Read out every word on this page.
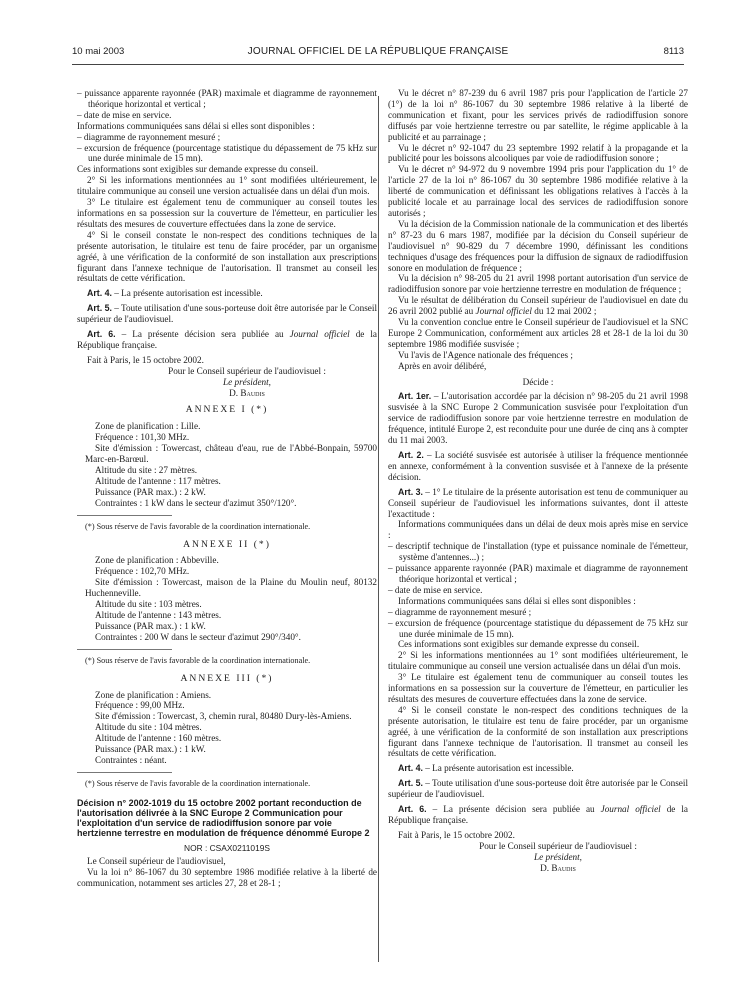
10 mai 2003	JOURNAL OFFICIEL DE LA RÉPUBLIQUE FRANÇAISE	8113

– puissance apparente rayonnée (PAR) maximale et diagramme de rayonnement théorique horizontal et vertical ;

– date de mise en service.

Informations communiquées sans délai si elles sont disponibles :

– diagramme de rayonnement mesuré ;

– excursion de fréquence (pourcentage statistique du dépassement de 75 kHz sur une durée minimale de 15 mn).

Ces informations sont exigibles sur demande expresse du conseil.

2° Si les informations mentionnées au 1° sont modifiées ultérieurement, le titulaire communique au conseil une version actualisée dans un délai d'un mois.

3° Le titulaire est également tenu de communiquer au conseil toutes les informations en sa possession sur la couverture de l'émetteur, en particulier les résultats des mesures de couverture effectuées dans la zone de service.

4° Si le conseil constate le non-respect des conditions techniques de la présente autorisation, le titulaire est tenu de faire procéder, par un organisme agréé, à une vérification de la conformité de son installation aux prescriptions figurant dans l'annexe technique de l'autorisation. Il transmet au conseil les résultats de cette vérification.

Art. 4. – La présente autorisation est incessible.

Art. 5. – Toute utilisation d'une sous-porteuse doit être autorisée par le Conseil supérieur de l'audiovisuel.

Art. 6. – La présente décision sera publiée au Journal officiel de la République française.

Fait à Paris, le 15 octobre 2002.

Pour le Conseil supérieur de l'audiovisuel :

Le président,

D. Baudis

ANNEXE I (*)

Zone de planification : Lille.

Fréquence : 101,30 MHz.

Site d'émission : Towercast, château d'eau, rue de l'Abbé-Bonpain, 59700 Marc-en-Barœul.

Altitude du site : 27 mètres.

Altitude de l'antenne : 117 mètres.

Puissance (PAR max.) : 2 kW.

Contraintes : 1 kW dans le secteur d'azimut 350°/120°.

(*) Sous réserve de l'avis favorable de la coordination internationale.

ANNEXE II (*)

Zone de planification : Abbeville.

Fréquence : 102,70 MHz.

Site d'émission : Towercast, maison de la Plaine du Moulin neuf, 80132 Huchenneville.

Altitude du site : 103 mètres.

Altitude de l'antenne : 143 mètres.

Puissance (PAR max.) : 1 kW.

Contraintes : 200 W dans le secteur d'azimut 290°/340°.

(*) Sous réserve de l'avis favorable de la coordination internationale.

ANNEXE III (*)

Zone de planification : Amiens.

Fréquence : 99,00 MHz.

Site d'émission : Towercast, 3, chemin rural, 80480 Dury-lès-Amiens.

Altitude du site : 104 mètres.

Altitude de l'antenne : 160 mètres.

Puissance (PAR max.) : 1 kW.

Contraintes : néant.

(*) Sous réserve de l'avis favorable de la coordination internationale.

Décision n° 2002-1019 du 15 octobre 2002 portant reconduction de l'autorisation délivrée à la SNC Europe 2 Communication pour l'exploitation d'un service de radiodiffusion sonore par voie hertzienne terrestre en modulation de fréquence dénommé Europe 2

NOR : CSAX0211019S

Le Conseil supérieur de l'audiovisuel,

Vu la loi n° 86-1067 du 30 septembre 1986 modifiée relative à la liberté de communication, notamment ses articles 27, 28 et 28-1 ;

Vu le décret n° 87-239 du 6 avril 1987 pris pour l'application de l'article 27 (1°) de la loi n° 86-1067 du 30 septembre 1986 relative à la liberté de communication et fixant, pour les services privés de radiodiffusion sonore diffusés par voie hertzienne terrestre ou par satellite, le régime applicable à la publicité et au parrainage ;

Vu le décret n° 92-1047 du 23 septembre 1992 relatif à la propagande et la publicité pour les boissons alcooliques par voie de radiodiffusion sonore ;

Vu le décret n° 94-972 du 9 novembre 1994 pris pour l'application du 1° de l'article 27 de la loi n° 86-1067 du 30 septembre 1986 modifiée relative à la liberté de communication et définissant les obligations relatives à l'accès à la publicité locale et au parrainage local des services de radiodiffusion sonore autorisés ;

Vu la décision de la Commission nationale de la communication et des libertés n° 87-23 du 6 mars 1987, modifiée par la décision du Conseil supérieur de l'audiovisuel n° 90-829 du 7 décembre 1990, définissant les conditions techniques d'usage des fréquences pour la diffusion de signaux de radiodiffusion sonore en modulation de fréquence ;

Vu la décision n° 98-205 du 21 avril 1998 portant autorisation d'un service de radiodiffusion sonore par voie hertzienne terrestre en modulation de fréquence ;

Vu le résultat de délibération du Conseil supérieur de l'audiovisuel en date du 26 avril 2002 publié au Journal officiel du 12 mai 2002 ;

Vu la convention conclue entre le Conseil supérieur de l'audiovisuel et la SNC Europe 2 Communication, conformément aux articles 28 et 28-1 de la loi du 30 septembre 1986 modifiée susvisée ;

Vu l'avis de l'Agence nationale des fréquences ;

Après en avoir délibéré,

Décide :

Art. 1er. – L'autorisation accordée par la décision n° 98-205 du 21 avril 1998 susvisée à la SNC Europe 2 Communication susvisée pour l'exploitation d'un service de radiodiffusion sonore par voie hertzienne terrestre en modulation de fréquence, intitulé Europe 2, est reconduite pour une durée de cinq ans à compter du 11 mai 2003.

Art. 2. – La société susvisée est autorisée à utiliser la fréquence mentionnée en annexe, conformément à la convention susvisée et à l'annexe de la présente décision.

Art. 3. – 1° Le titulaire de la présente autorisation est tenu de communiquer au Conseil supérieur de l'audiovisuel les informations suivantes, dont il atteste l'exactitude :

Informations communiquées dans un délai de deux mois après mise en service :

– descriptif technique de l'installation (type et puissance nominale de l'émetteur, système d'antennes...) ;

– puissance apparente rayonnée (PAR) maximale et diagramme de rayonnement théorique horizontal et vertical ;

– date de mise en service.

Informations communiquées sans délai si elles sont disponibles :

– diagramme de rayonnement mesuré ;

– excursion de fréquence (pourcentage statistique du dépassement de 75 kHz sur une durée minimale de 15 mn).

Ces informations sont exigibles sur demande expresse du conseil.

2° Si les informations mentionnées au 1° sont modifiées ultérieurement, le titulaire communique au conseil une version actualisée dans un délai d'un mois.

3° Le titulaire est également tenu de communiquer au conseil toutes les informations en sa possession sur la couverture de l'émetteur, en particulier les résultats des mesures de couverture effectuées dans la zone de service.

4° Si le conseil constate le non-respect des conditions techniques de la présente autorisation, le titulaire est tenu de faire procéder, par un organisme agréé, à une vérification de la conformité de son installation aux prescriptions figurant dans l'annexe technique de l'autorisation. Il transmet au conseil les résultats de cette vérification.

Art. 4. – La présente autorisation est incessible.

Art. 5. – Toute utilisation d'une sous-porteuse doit être autorisée par le Conseil supérieur de l'audiovisuel.

Art. 6. – La présente décision sera publiée au Journal officiel de la République française.

Fait à Paris, le 15 octobre 2002.

Pour le Conseil supérieur de l'audiovisuel :

Le président,

D. Baudis
